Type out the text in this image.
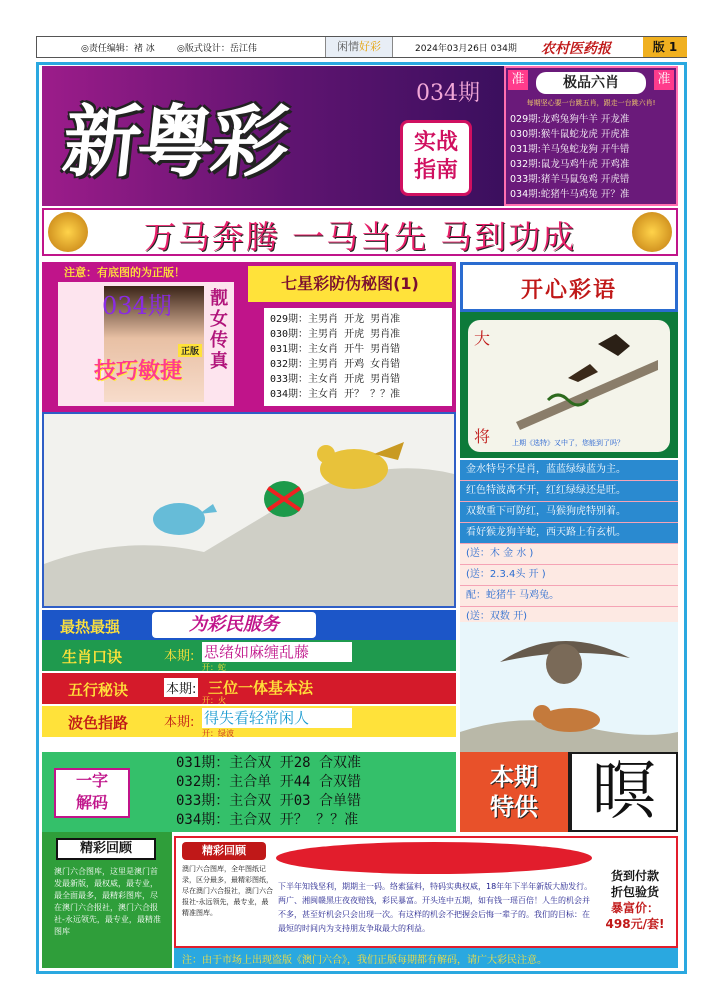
◎责任编辑：褚 冰 ◎版式设计：岳江伟	闲情好彩	2024年03月26日 034期 农村医药报	版 1
新粤彩
034期
实战指南
准	准
极品六肖
每期坚心要一台跳五肖，跟走一台跳六肖!
029期:龙鸡兔狗牛羊 开龙准
030期:猴牛鼠蛇龙虎 开虎准
031期:羊马兔蛇龙狗 开牛错
032期:鼠龙马鸡牛虎 开鸡准
033期:猪羊马鼠兔鸡 开虎错
034期:蛇猪牛马鸡兔 开？准
万马奔腾 一马当先 马到功成
注意：有底图的为正版！
034期 靓女传真
技巧敏捷
正版
七星彩防伪秘图(1)
029期：主男肖 开龙 男肖准
030期：主男肖 开虎 男肖准
031期：主女肖 开牛 男肖错
032期：主男肖 开鸡 女肖错
033期：主女肖 开虎 男肖错
034期：主女肖 开？ ？？准
开心彩语
大
将	上期《选特》又中了，您能到了吗？
金水特号不是肖，蓝蓝绿绿蓝为主。
红色特波离不开，红红绿绿还是旺。
双数重下可防红，马猴狗虎特别着。
看好猴龙狗羊蛇，西天路上有玄机。
(送：木 金 水 )
(送：2.3.4头 开 )
配：蛇猪牛 马鸡兔。
(送：双数 开)
最热最强	为彩民服务
生肖口诀	本期: 思绪如麻缠乱藤
开：蛇
五行秘诀	本期: 三位一体基本法
开：火
波色指路	本期: 得失看轻常闲人
开：绿波
一字
解码
031期：主合双 开28 合双准
032期：主合单 开44 合双错
033期：主合双 开03 合单错
034期：主合双 开？ ？？准
本期
特供 暝
精彩回顾
澳门六合图库，这里是澳门首发最新版，最权威，最专业，最全面最多，最精彩图库，尽在澳门六合报社，澳门六合报社-永远领先，最专业，最精准图库
精彩回顾
澳门六合图库，全年图纸记录，区分最多，最精彩图纸，尽在澳门六合报社，澳门六合报社-永远领先，最专业，最精准图库。
下半年知钱坚利，期期主一码。络索猛料，特码实典权威，18年年下半年新版大励发行。两广、湘闽赣黑庄夜夜赔钱，彩民暴富。开头连中五期，如有钱一瑶百倍！人生的机会并不多，甚至好机会只会出现一次。有这样的机会不把握会后悔一辈子的。我们的目标：在最短的时间内为支持朋友争取最大的利益。
货到付款
折包验货
暴富价：
498元/套!
注：由于市场上出现盗版《澳门六合》，我们正版每期都有解码，请广大彩民注意。
